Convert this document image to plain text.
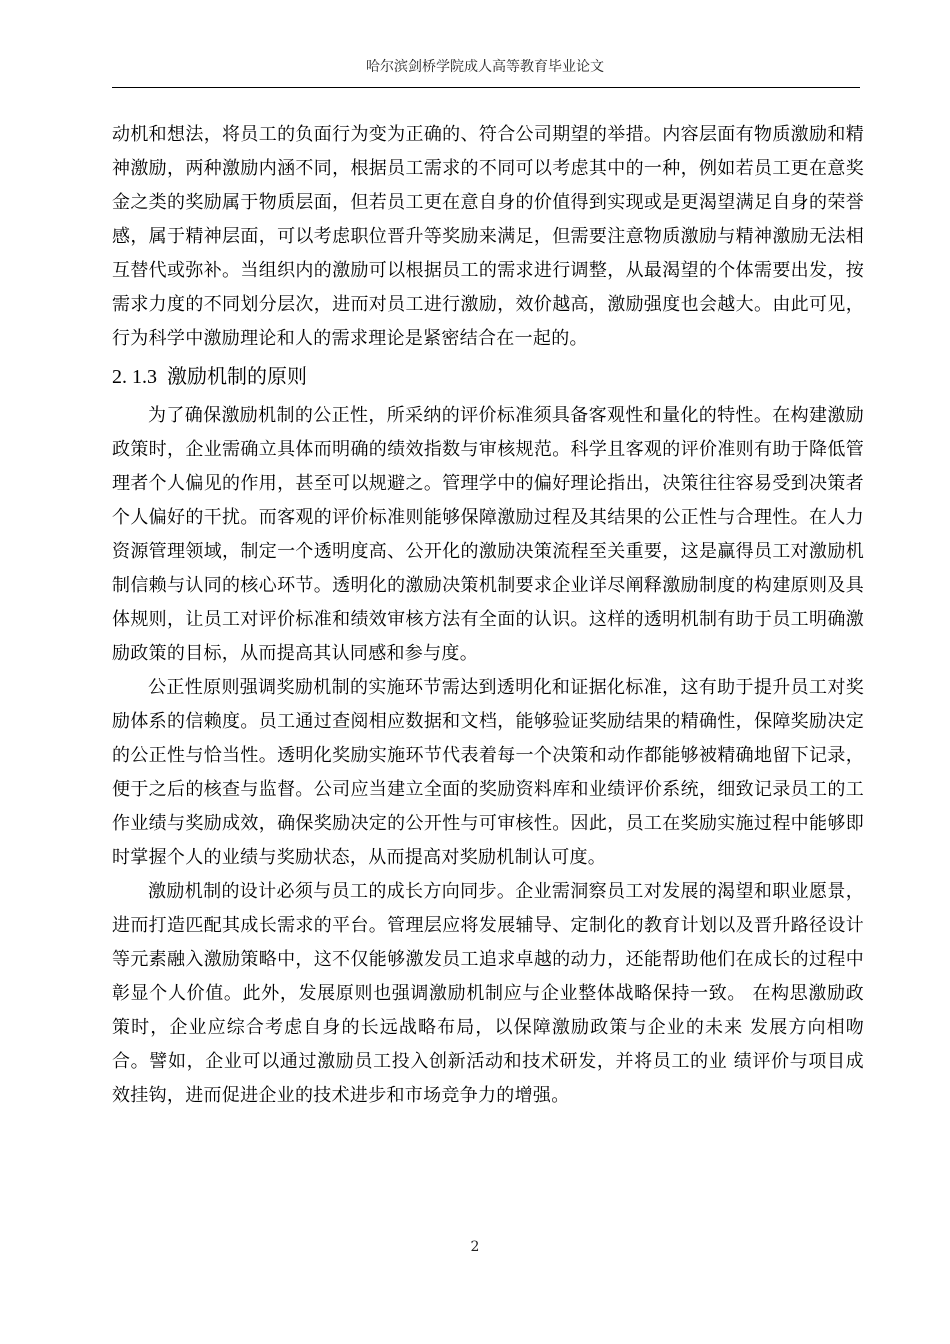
哈尔滨剑桥学院成人高等教育毕业论文

动机和想法，将员工的负面行为变为正确的、符合公司期望的举措。内容层面有物质激励和精神激励，两种激励内涵不同，根据员工需求的不同可以考虑其中的一种，例如若员工更在意奖金之类的奖励属于物质层面，但若员工更在意自身的价值得到实现或是更渴望满足自身的荣誉感，属于精神层面，可以考虑职位晋升等奖励来满足，但需要注意物质激励与精神激励无法相互替代或弥补。当组织内的激励可以根据员工的需求进行调整，从最渴望的个体需要出发，按需求力度的不同划分层次，进而对员工进行激励，效价越高，激励强度也会越大。由此可见，行为科学中激励理论和人的需求理论是紧密结合在一起的。

2. 1.3 激励机制的原则

为了确保激励机制的公正性，所采纳的评价标准须具备客观性和量化的特性。在构建激励政策时，企业需确立具体而明确的绩效指数与审核规范。科学且客观的评价准则有助于降低管理者个人偏见的作用，甚至可以规避之。管理学中的偏好理论指出，决策往往容易受到决策者个人偏好的干扰。而客观的评价标准则能够保障激励过程及其结果的公正性与合理性。在人力资源管理领域，制定一个透明度高、公开化的激励决策流程至关重要，这是赢得员工对激励机制信赖与认同的核心环节。透明化的激励决策机制要求企业详尽阐释激励制度的构建原则及具体规则，让员工对评价标准和绩效审核方法有全面的认识。这样的透明机制有助于员工明确激励政策的目标，从而提高其认同感和参与度。

公正性原则强调奖励机制的实施环节需达到透明化和证据化标准，这有助于提升员工对奖励体系的信赖度。员工通过查阅相应数据和文档，能够验证奖励结果的精确性，保障奖励决定的公正性与恰当性。透明化奖励实施环节代表着每一个决策和动作都能够被精确地留下记录，便于之后的核查与监督。公司应当建立全面的奖励资料库和业绩评价系统，细致记录员工的工作业绩与奖励成效，确保奖励决定的公开性与可审核性。因此，员工在奖励实施过程中能够即时掌握个人的业绩与奖励状态，从而提高对奖励机制认可度。

激励机制的设计必须与员工的成长方向同步。企业需洞察员工对发展的渴望和职业愿景，进而打造匹配其成长需求的平台。管理层应将发展辅导、定制化的教育计划以及晋升路径设计等元素融入激励策略中，这不仅能够激发员工追求卓越的动力，还能帮助他们在成长的过程中彰显个人价值。此外，发展原则也强调激励机制应与企业整体战略保持一致。 在构思激励政策时，企业应综合考虑自身的长远战略布局，以保障激励政策与企业的未来 发展方向相吻合。譬如，企业可以通过激励员工投入创新活动和技术研发，并将员工的业 绩评价与项目成效挂钩，进而促进企业的技术进步和市场竞争力的增强。

2
